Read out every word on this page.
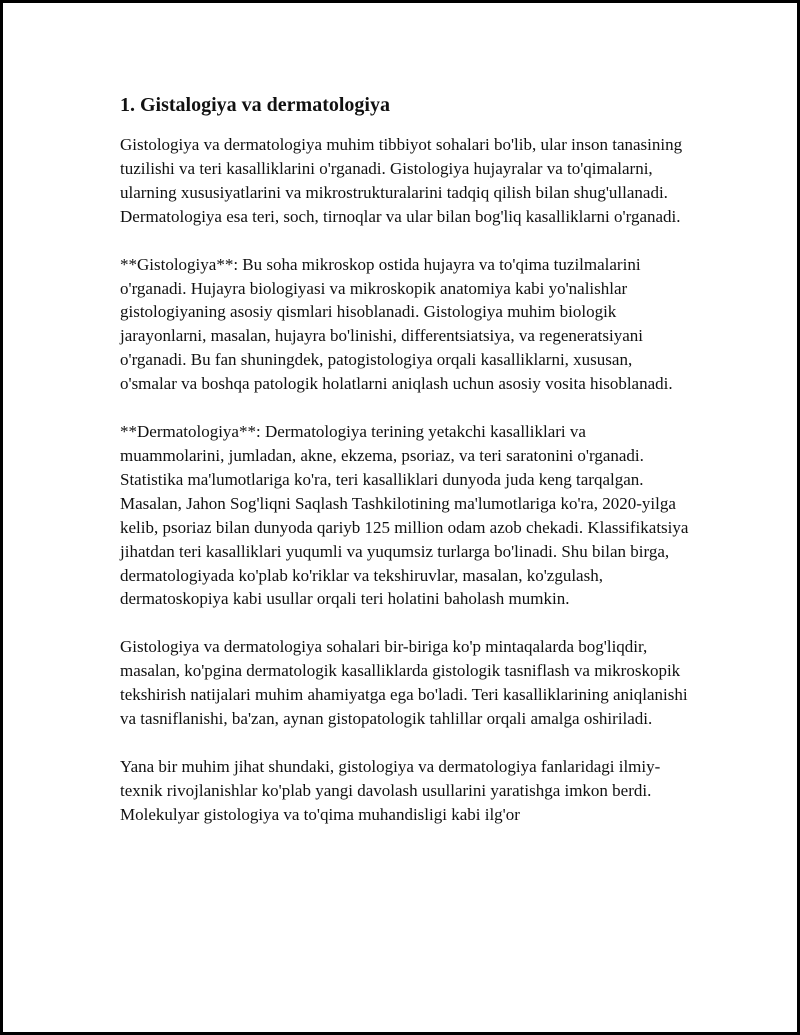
1. Gistalogiya va dermatologiya

Gistologiya va dermatologiya muhim tibbiyot sohalari bo'lib, ular inson tanasining tuzilishi va teri kasalliklarini o'rganadi. Gistologiya hujayralar va to'qimalarni, ularning xususiyatlarini va mikrostrukturalarini tadqiq qilish bilan shug'ullanadi. Dermatologiya esa teri, soch, tirnoqlar va ular bilan bog'liq kasalliklarni o'rganadi.

**Gistologiya**: Bu soha mikroskop ostida hujayra va to'qima tuzilmalarini o'rganadi. Hujayra biologiyasi va mikroskopik anatomiya kabi yo'nalishlar gistologiyaning asosiy qismlari hisoblanadi. Gistologiya muhim biologik jarayonlarni, masalan, hujayra bo'linishi, differentsiatsiya, va regeneratsiyani o'rganadi. Bu fan shuningdek, patogistologiya orqali kasalliklarni, xususan, o'smalar va boshqa patologik holatlarni aniqlash uchun asosiy vosita hisoblanadi.

**Dermatologiya**: Dermatologiya terining yetakchi kasalliklari va muammolarini, jumladan, akne, ekzema, psoriaz, va teri saratonini o'rganadi. Statistika ma'lumotlariga ko'ra, teri kasalliklari dunyoda juda keng tarqalgan. Masalan, Jahon Sog'liqni Saqlash Tashkilotining ma'lumotlariga ko'ra, 2020-yilga kelib, psoriaz bilan dunyoda qariyb 125 million odam azob chekadi. Klassifikatsiya jihatdan teri kasalliklari yuqumli va yuqumsiz turlarga bo'linadi. Shu bilan birga, dermatologiyada ko'plab ko'riklar va tekshiruvlar, masalan, ko'zgulash, dermatoskopiya kabi usullar orqali teri holatini baholash mumkin.

Gistologiya va dermatologiya sohalari bir-biriga ko'p mintaqalarda bog'liqdir, masalan, ko'pgina dermatologik kasalliklarda gistologik tasniflash va mikroskopik tekshirish natijalari muhim ahamiyatga ega bo'ladi. Teri kasalliklarining aniqlanishi va tasniflanishi, ba'zan, aynan gistopatologik tahlillar orqali amalga oshiriladi.

Yana bir muhim jihat shundaki, gistologiya va dermatologiya fanlaridagi ilmiy-texnik rivojlanishlar ko'plab yangi davolash usullarini yaratishga imkon berdi. Molekulyar gistologiya va to'qima muhandisligi kabi ilg'or
